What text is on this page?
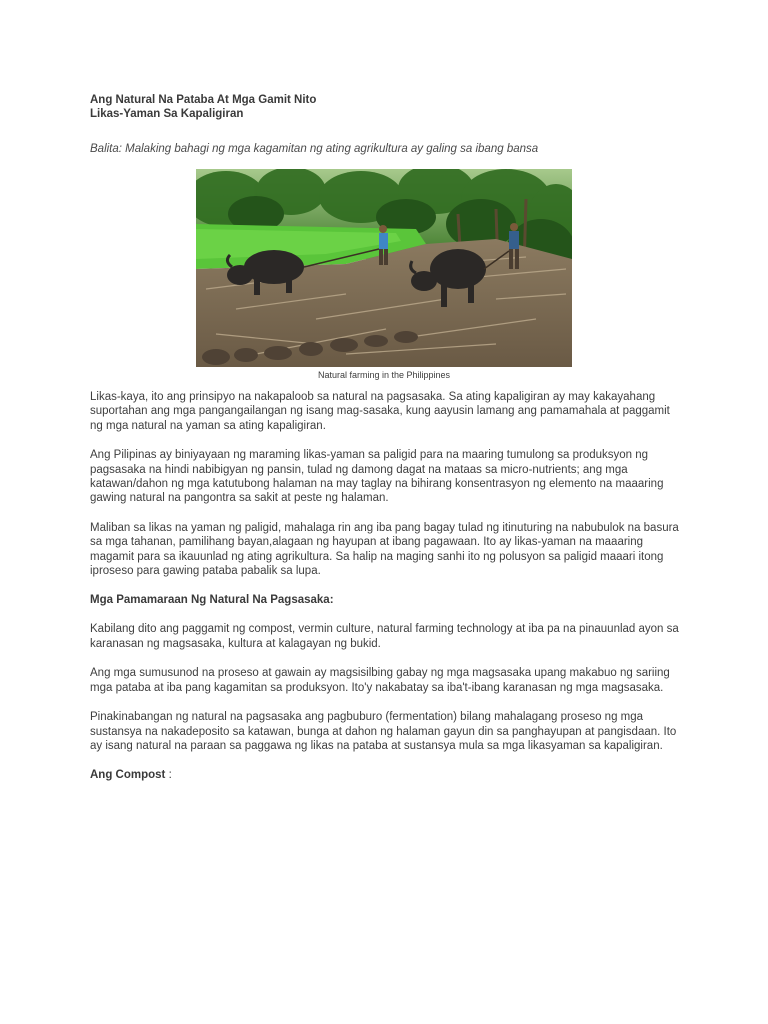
Ang Natural Na Pataba At Mga Gamit Nito
Likas-Yaman Sa Kapaligiran

Balita: Malaking bahagi ng mga kagamitan ng ating agrikultura ay galing sa ibang bansa

Natural farming in the Philippines

Likas-kaya, ito ang prinsipyo na nakapaloob sa natural na pagsasaka. Sa ating kapaligiran ay may kakayahang suportahan ang mga pangangailangan ng isang mag-sasaka, kung aayusin lamang ang pamamahala at paggamit ng mga natural na yaman sa ating kapaligiran.

Ang Pilipinas ay biniyayaan ng maraming likas-yaman sa paligid para na maaring tumulong sa produksyon ng pagsasaka na hindi nabibigyan ng pansin, tulad ng damong dagat na mataas sa micro-nutrients; ang mga katawan/dahon ng mga katutubong halaman na may taglay na bihirang konsentrasyon ng elemento na maaaring gawing natural na pangontra sa sakit at peste ng halaman.

Maliban sa likas na yaman ng paligid, mahalaga rin ang iba pang bagay tulad ng itinuturing na nabubulok na basura sa mga tahanan, pamilihang bayan,alagaan ng hayupan at ibang pagawaan. Ito ay likas-yaman na maaaring magamit para sa ikauunlad ng ating agrikultura. Sa halip na maging sanhi ito ng polusyon sa paligid maaari itong iproseso para gawing pataba pabalik sa lupa.

Mga Pamamaraan Ng Natural Na Pagsasaka:

Kabilang dito ang paggamit ng compost, vermin culture, natural farming technology at iba pa na pinauunlad ayon sa karanasan ng magsasaka, kultura at kalagayan ng bukid.

Ang mga sumusunod na proseso at gawain ay magsisilbing gabay ng mga magsasaka upang makabuo ng sariing mga pataba at iba pang kagamitan sa produksyon. Ito'y nakabatay sa iba't-ibang karanasan ng mga magsasaka.

Pinakinabangan ng natural na pagsasaka ang pagbuburo (fermentation) bilang mahalagang proseso ng mga sustansya na nakadeposito sa katawan, bunga at dahon ng halaman gayun din sa panghayupan at pangisdaan. Ito ay isang natural na paraan sa paggawa ng likas na pataba at sustansya mula sa mga likasyaman sa kapaligiran.

Ang Compost :
